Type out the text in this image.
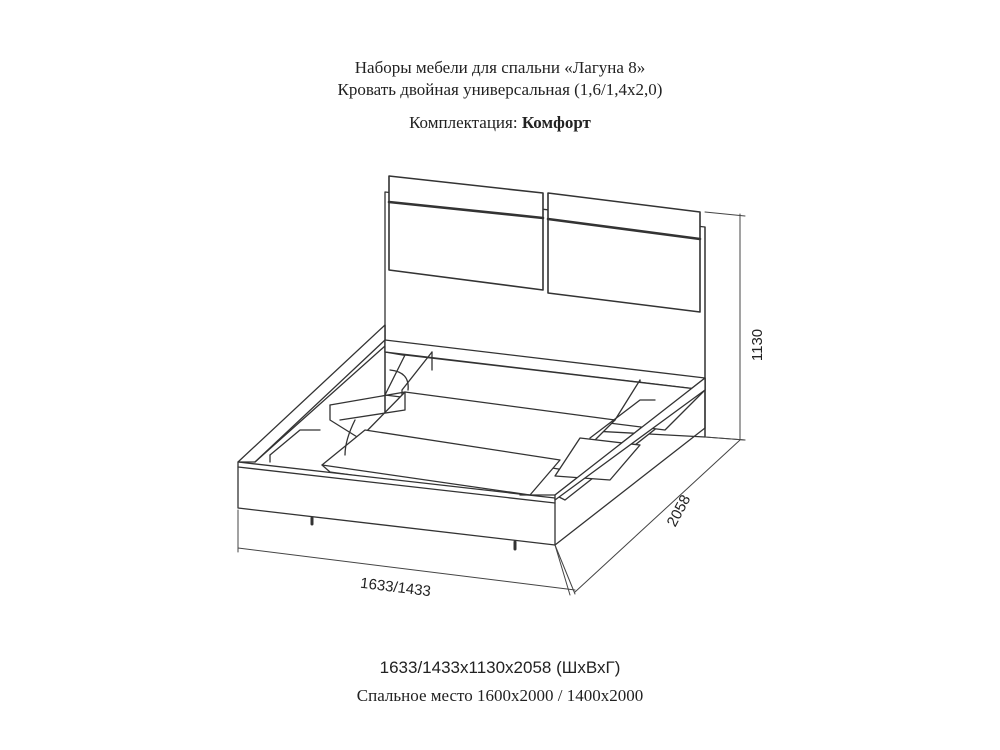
Наборы мебели для спальни «Лагуна 8»
Кровать двойная универсальная (1,6/1,4х2,0)
Комплектация: Комфорт
1130
2058
1633/1433
1633/1433х1130х2058 (ШхВхГ)
Спальное место 1600х2000 / 1400х2000
